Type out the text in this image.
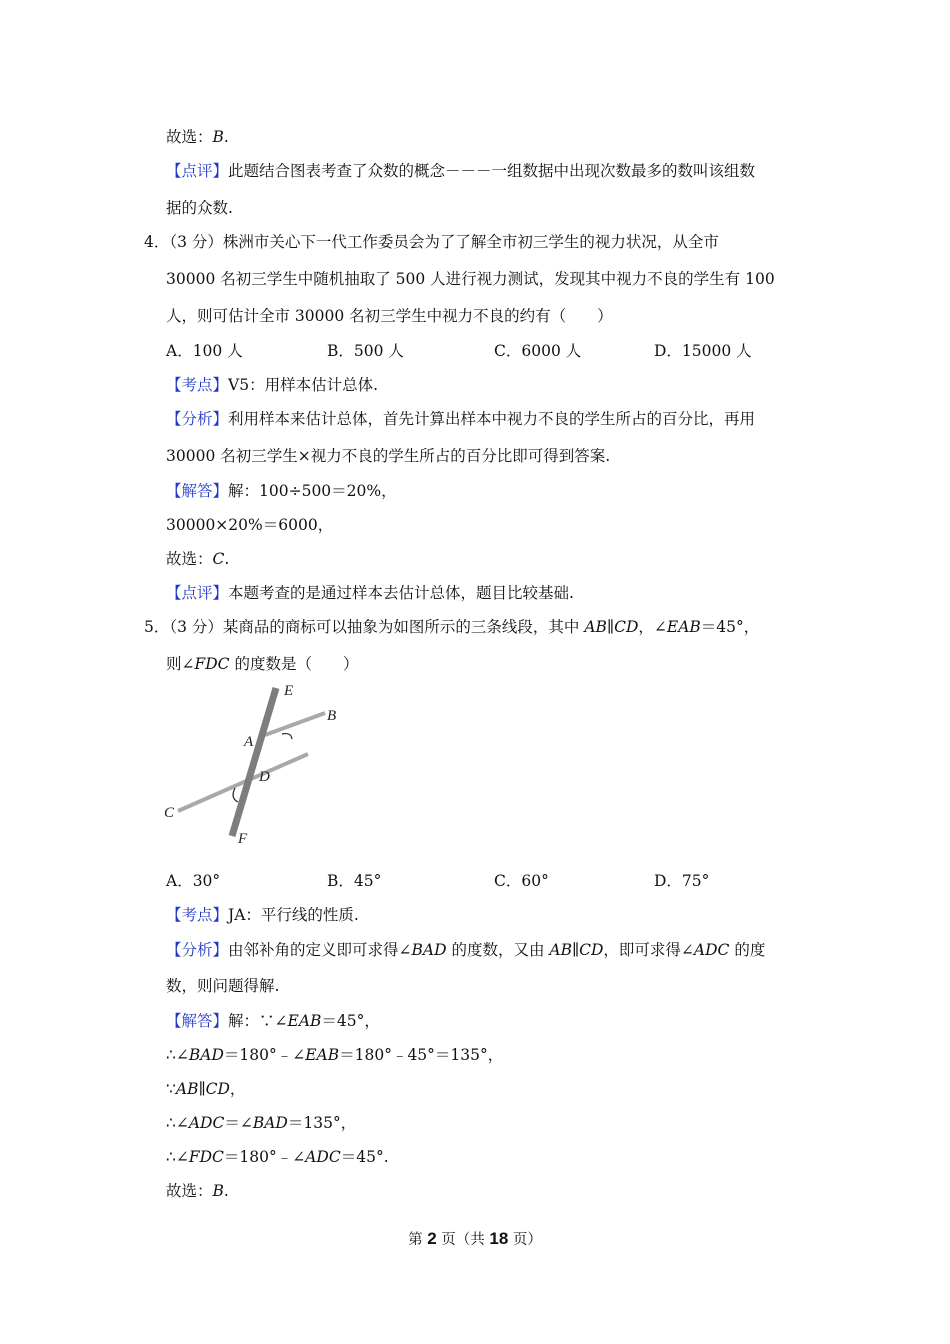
故选：B.
【点评】此题结合图表考查了众数的概念－－－一组数据中出现次数最多的数叫该组数
据的众数.
4．（3 分）株洲市关心下一代工作委员会为了了解全市初三学生的视力状况，从全市
30000 名初三学生中随机抽取了 500 人进行视力测试，发现其中视力不良的学生有 100
人，则可估计全市 30000 名初三学生中视力不良的约有（　　）
A．100 人	B．500 人	C．6000 人	D．15000 人
【考点】V5：用样本估计总体.
【分析】利用样本来估计总体，首先计算出样本中视力不良的学生所占的百分比，再用
30000 名初三学生×视力不良的学生所占的百分比即可得到答案.
【解答】解：100÷500＝20%，
30000×20%＝6000，
故选：C.
【点评】本题考查的是通过样本去估计总体，题目比较基础.
5．（3 分）某商品的商标可以抽象为如图所示的三条线段，其中 AB∥CD，∠EAB＝45°，
则∠FDC 的度数是（　　）
E
B
A
D
C
F
A．30°	B．45°	C．60°	D．75°
【考点】JA：平行线的性质.
【分析】由邻补角的定义即可求得∠BAD 的度数，又由 AB∥CD，即可求得∠ADC 的度
数，则问题得解.
【解答】解：∵∠EAB＝45°，
∴∠BAD＝180°﹣∠EAB＝180°﹣45°＝135°，
∵AB∥CD，
∴∠ADC＝∠BAD＝135°，
∴∠FDC＝180°﹣∠ADC＝45°.
故选：B.
第 2 页（共 18 页）
